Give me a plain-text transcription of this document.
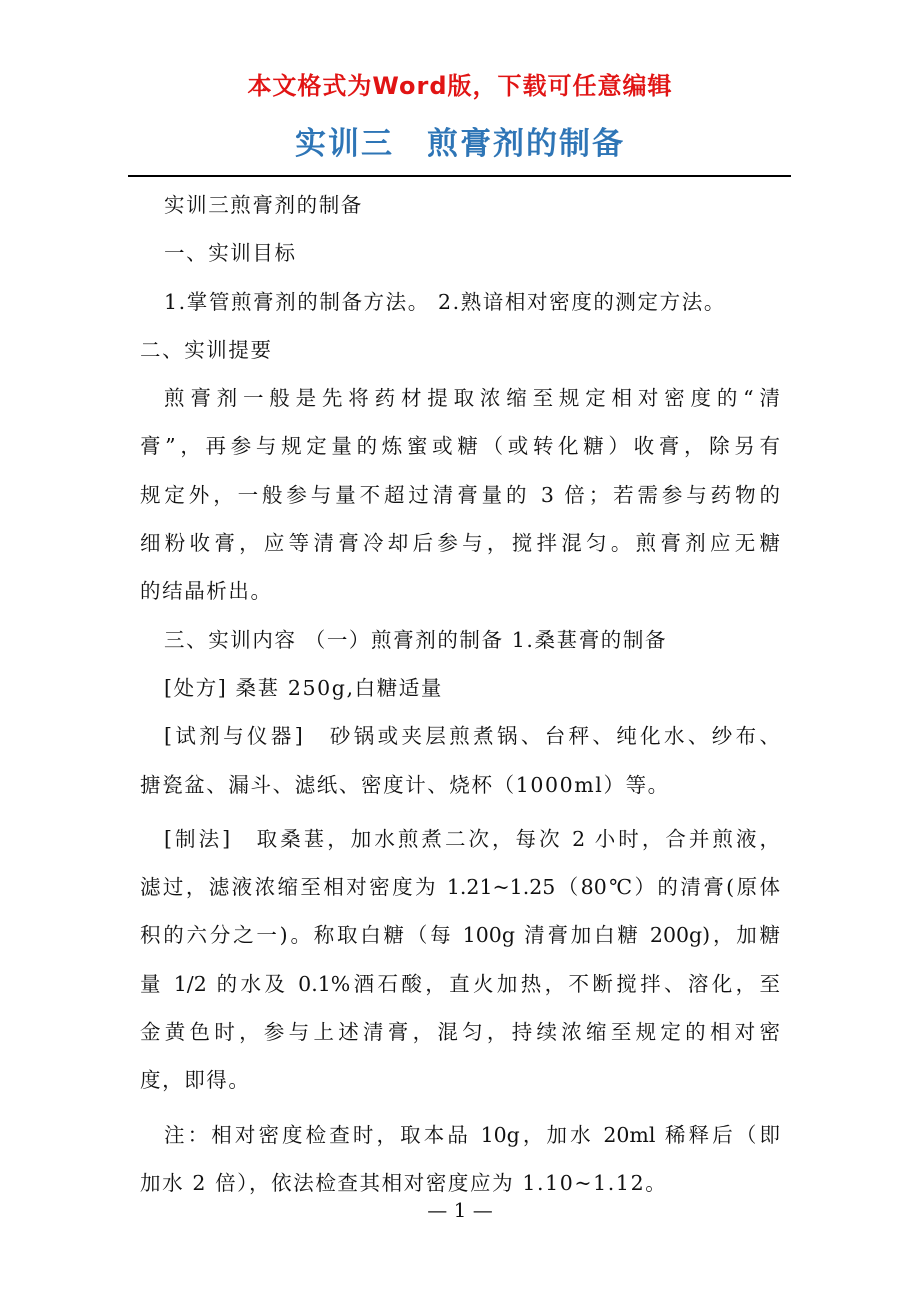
本文格式为Word版，下载可任意编辑
实训三　煎膏剂的制备
实训三煎膏剂的制备
一、实训目标
1.掌管煎膏剂的制备方法。 2.熟谙相对密度的测定方法。
二、实训提要
煎膏剂一般是先将药材提取浓缩至规定相对密度的“清
膏”，再参与规定量的炼蜜或糖（或转化糖）收膏，除另有
规定外，一般参与量不超过清膏量的 3 倍；若需参与药物的
细粉收膏，应等清膏冷却后参与，搅拌混匀。煎膏剂应无糖
的结晶析出。
三、实训内容 （一）煎膏剂的制备 1.桑葚膏的制备
[处方] 桑葚 250g,白糖适量
[试剂与仪器]　砂锅或夹层煎煮锅、台秤、纯化水、纱布、
搪瓷盆、漏斗、滤纸、密度计、烧杯（1000ml）等。
[制法]　取桑葚，加水煎煮二次，每次 2 小时，合并煎液，
滤过，滤液浓缩至相对密度为 1.21~1.25（80℃）的清膏(原体
积的六分之一)。称取白糖（每 100g 清膏加白糖 200g)，加糖
量 1/2 的水及 0.1%酒石酸，直火加热，不断搅拌、溶化，至
金黄色时，参与上述清膏，混匀，持续浓缩至规定的相对密
度，即得。
注：相对密度检查时，取本品 10g，加水 20ml 稀释后（即
加水 2 倍），依法检查其相对密度应为 1.10~1.12。
— 1 —
